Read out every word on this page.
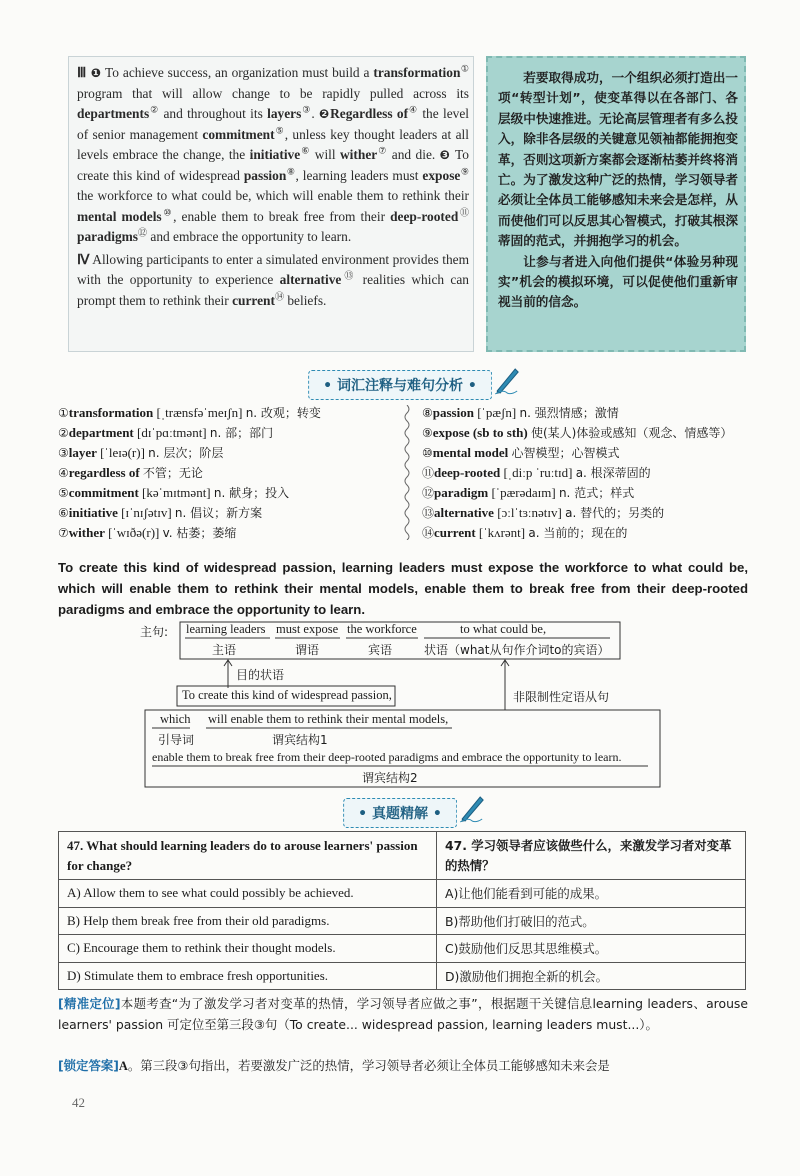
Ⅲ ❶ To achieve success, an organization must build a transformation① program that will allow change to be rapidly pulled across its departments② and throughout its layers③. ❷Regardless of④ the level of senior management commitment⑤, unless key thought leaders at all levels embrace the change, the initiative⑥ will wither⑦ and die. ❸ To create this kind of widespread passion⑧, learning leaders must expose⑨ the workforce to what could be, which will enable them to rethink their mental models⑩, enable them to break free from their deep-rooted⑪ paradigms⑫ and embrace the opportunity to learn.

Ⅳ Allowing participants to enter a simulated environment provides them with the opportunity to experience alternative⑬ realities which can prompt them to rethink their current⑭ beliefs.

若要取得成功，一个组织必须打造出一项“转型计划”，使变革得以在各部门、各层级中快速推进。无论高层管理者有多么投入，除非各层级的关键意见领袖都能拥抱变革，否则这项新方案都会逐渐枯萎并终将消亡。为了激发这种广泛的热情，学习领导者必须让全体员工能够感知未来会是怎样，从而使他们可以反思其心智模式，打破其根深蒂固的范式，并拥抱学习的机会。

让参与者进入向他们提供“体验另种现实”机会的模拟环境，可以促使他们重新审视当前的信念。

• 词汇注释与难句分析 •
①transformation [ˌtrænsfəˈmeɪʃn] n. 改观；转变
②department [dɪˈpɑːtmənt] n. 部；部门
③layer [ˈleɪə(r)] n. 层次；阶层
④regardless of 不管；无论
⑤commitment [kəˈmɪtmənt] n. 献身；投入
⑥initiative [ɪˈnɪʃətɪv] n. 倡议；新方案
⑦wither [ˈwɪðə(r)] v. 枯萎；萎缩
⑧passion [ˈpæʃn] n. 强烈情感；激情
⑨expose (sb to sth) 使(某人)体验或感知（观念、情感等）
⑩mental model 心智模型；心智模式
⑪deep-rooted [ˌdiːp ˈruːtɪd] a. 根深蒂固的
⑫paradigm [ˈpærədaɪm] n. 范式；样式
⑬alternative [ɔːlˈtɜːnətɪv] a. 替代的；另类的
⑭current [ˈkʌrənt] a. 当前的；现在的
To create this kind of widespread passion, learning leaders must expose the workforce to what could be, which will enable them to rethink their mental models, enable them to break free from their deep-rooted paradigms and embrace the opportunity to learn.
主句: learning leaders must expose the workforce	to what could be,
主语	谓语	宾语	状语（what从句作介词to的宾语）
目的状语
To create this kind of widespread passion,	非限制性定语从句
which will enable them to rethink their mental models,
引导词	谓宾结构1
enable them to break free from their deep-rooted paradigms and embrace the opportunity to learn.
谓宾结构2
• 真题精解 •
47. What should learning leaders do to arouse learners' passion for change?	47. 学习领导者应该做些什么，来激发学习者对变革的热情？
A) Allow them to see what could possibly be achieved.	A)让他们能看到可能的成果。
B) Help them break free from their old paradigms.	B)帮助他们打破旧的范式。
C) Encourage them to rethink their thought models.	C)鼓励他们反思其思维模式。
D) Stimulate them to embrace fresh opportunities.	D)激励他们拥抱全新的机会。
[精准定位]本题考查“为了激发学习者对变革的热情，学习领导者应做之事”，根据题干关键信息learning leaders、arouse learners' passion 可定位至第三段③句（To create... widespread passion, learning leaders must...）。
[锁定答案]A。第三段③句指出，若要激发广泛的热情，学习领导者必须让全体员工能够感知未来会是
42
